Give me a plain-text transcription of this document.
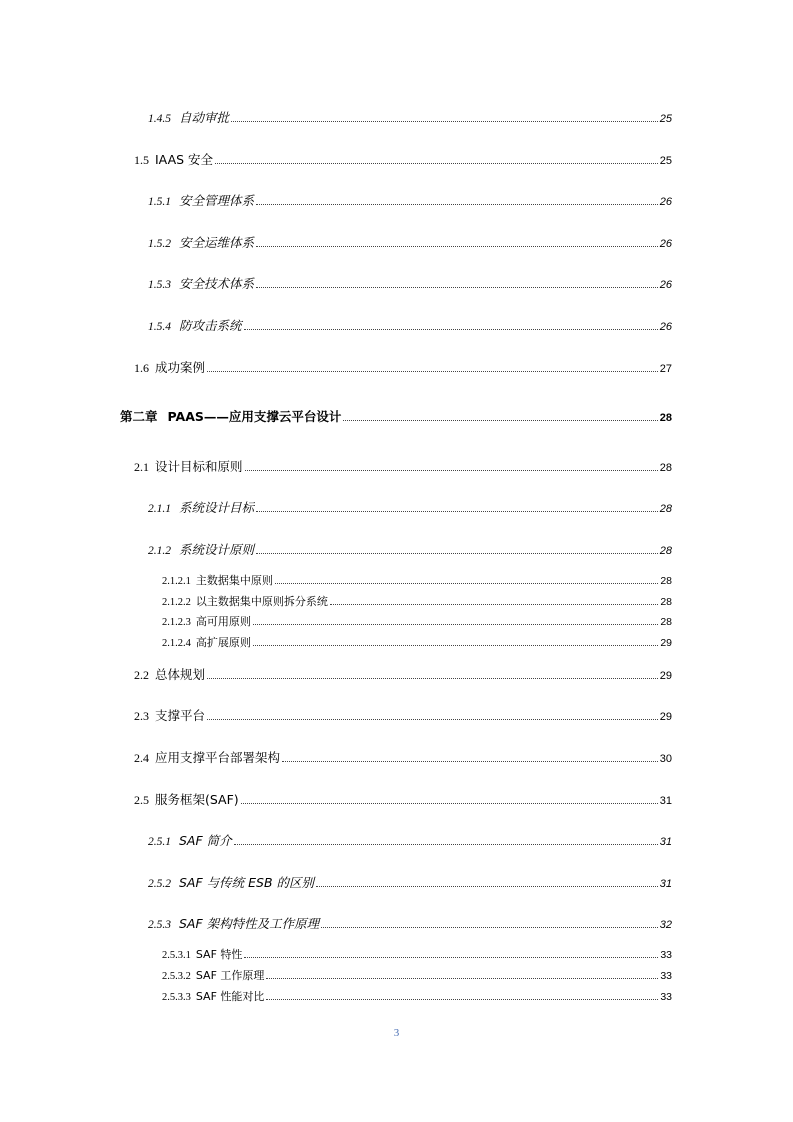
1.4.5 自动审批	25
1.5 IAAS 安全	25
1.5.1 安全管理体系	26
1.5.2 安全运维体系	26
1.5.3 安全技术体系	26
1.5.4 防攻击系统	26
1.6 成功案例	27
第二章 PAAS——应用支撑云平台设计	28
2.1 设计目标和原则	28
2.1.1 系统设计目标	28
2.1.2 系统设计原则	28
2.1.2.1 主数据集中原则	28
2.1.2.2 以主数据集中原则拆分系统	28
2.1.2.3 高可用原则	28
2.1.2.4 高扩展原则	29
2.2 总体规划	29
2.3 支撑平台	29
2.4 应用支撑平台部署架构	30
2.5 服务框架(SAF)	31
2.5.1 SAF 简介	31
2.5.2 SAF 与传统 ESB 的区别	31
2.5.3 SAF 架构特性及工作原理	32
2.5.3.1 SAF 特性	33
2.5.3.2 SAF 工作原理	33
2.5.3.3 SAF 性能对比	33
3
